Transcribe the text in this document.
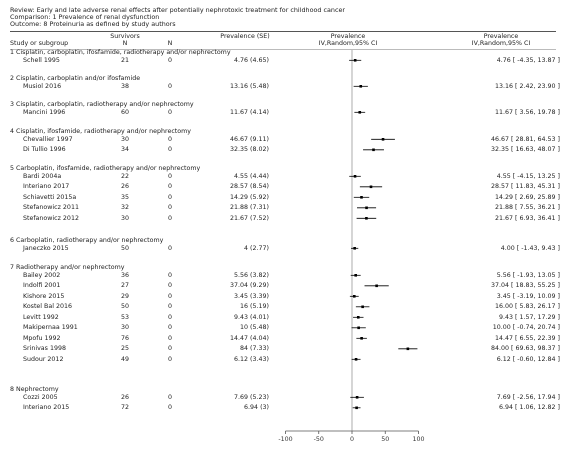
Review: Early and late adverse renal effects after potentially nephrotoxic treatment for childhood cancer
Comparison: 1 Prevalence of renal dysfunction
Outcome: 8 Proteinuria as defined by study authors
Study or subgroup
Survivors
N	N
Prevalence (SE)	Prevalence
IV,Random,95% CI
Prevalence
IV,Random,95% CI
1 Cisplatin, carboplatin, ifosfamide, radiotherapy and/or nephrectomy
Schell 1995	21	0	4.76 (4.65)	4.76 [ -4.35, 13.87 ]
2 Cisplatin, carboplatin and/or ifosfamide
Musiol 2016	38	0	13.16 (5.48)	13.16 [ 2.42, 23.90 ]
3 Cisplatin, carboplatin, radiotherapy and/or nephrectomy
Mancini 1996	60	0	11.67 (4.14)	11.67 [ 3.56, 19.78 ]
4 Cisplatin, ifosfamide, radiotherapy and/or nephrectomy
Chevallier 1997	30	0	46.67 (9.11)	46.67 [ 28.81, 64.53 ]
Di Tullio 1996	34	0	32.35 (8.02)	32.35 [ 16.63, 48.07 ]
5 Carboplatin, ifosfamide, radiotherapy and/or nephrectomy
Bardi 2004a	22	0	4.55 (4.44)	4.55 [ -4.15, 13.25 ]
Interiano 2017	26	0	28.57 (8.54)	28.57 [ 11.83, 45.31 ]
Schiavetti 2015a	35	0	14.29 (5.92)	14.29 [ 2.69, 25.89 ]
Stefanowicz 2011	32	0	21.88 (7.31)	21.88 [ 7.55, 36.21 ]
Stefanowicz 2012	30	0	21.67 (7.52)	21.67 [ 6.93, 36.41 ]
6 Carboplatin, radiotherapy and/or nephrectomy
Janeczko 2015	50	0	4 (2.77)	4.00 [ -1.43, 9.43 ]
7 Radiotherapy and/or nephrectomy
Bailey 2002	36	0	5.56 (3.82)	5.56 [ -1.93, 13.05 ]
Indolfi 2001	27	0	37.04 (9.29)	37.04 [ 18.83, 55.25 ]
Kishore 2015	29	0	3.45 (3.39)	3.45 [ -3.19, 10.09 ]
Kostel Bal 2016	50	0	16 (5.19)	16.00 [ 5.83, 26.17 ]
Levitt 1992	53	0	9.43 (4.01)	9.43 [ 1.57, 17.29 ]
Makipernaa 1991	30	0	10 (5.48)	10.00 [ -0.74, 20.74 ]
Mpofu 1992	76	0	14.47 (4.04)	14.47 [ 6.55, 22.39 ]
Srinivas 1998	25	0	84 (7.33)	84.00 [ 69.63, 98.37 ]
Sudour 2012	49	0	6.12 (3.43)	6.12 [ -0.60, 12.84 ]
8 Nephrectomy
Cozzi 2005	26	0	7.69 (5.23)	7.69 [ -2.56, 17.94 ]
Interiano 2015	72	0	6.94 (3)	6.94 [ 1.06, 12.82 ]
-100	-50	0	50	100
